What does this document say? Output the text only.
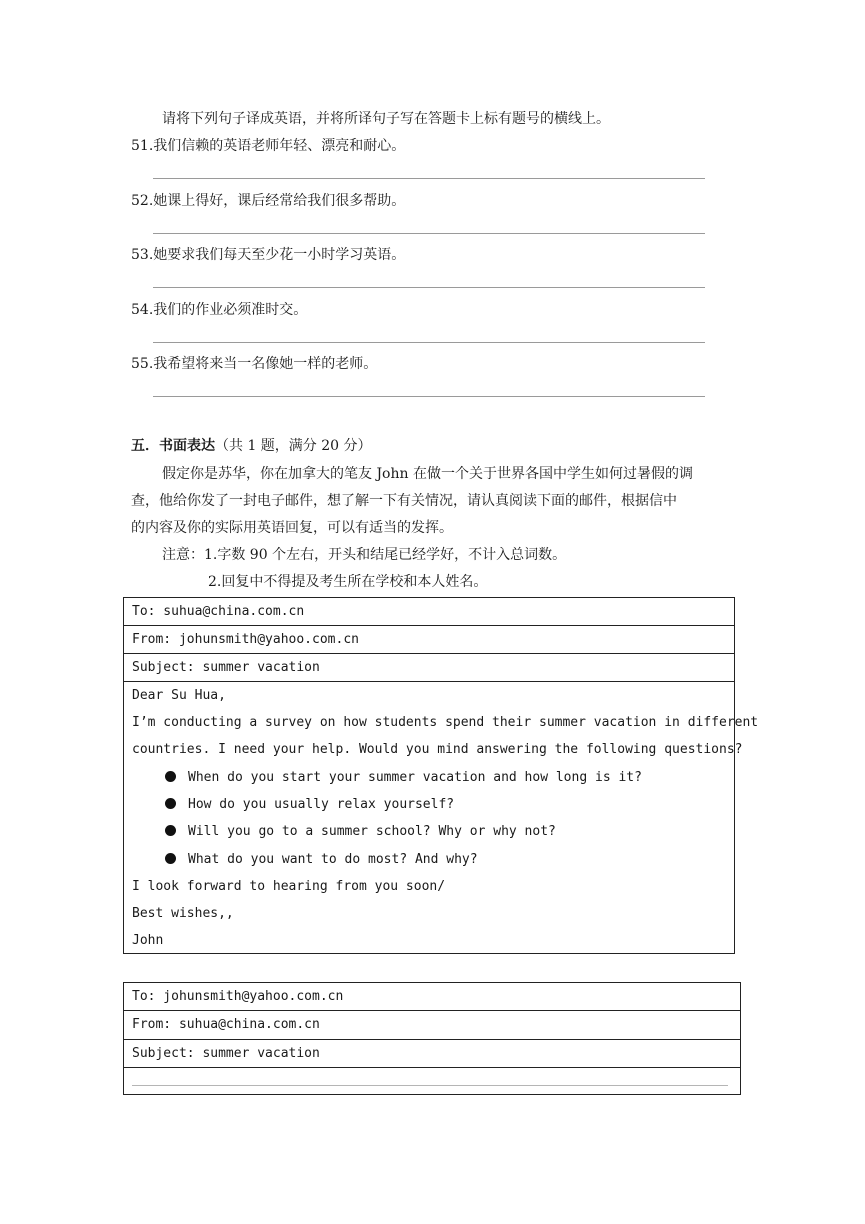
请将下列句子译成英语，并将所译句子写在答题卡上标有题号的横线上。
51.我们信赖的英语老师年轻、漂亮和耐心。
52.她课上得好，课后经常给我们很多帮助。
53.她要求我们每天至少花一小时学习英语。
54.我们的作业必须准时交。
55.我希望将来当一名像她一样的老师。
五．书面表达（共 1 题，满分 20 分）
假定你是苏华，你在加拿大的笔友 John 在做一个关于世界各国中学生如何过暑假的调
查，他给你发了一封电子邮件，想了解一下有关情况，请认真阅读下面的邮件，根据信中
的内容及你的实际用英语回复，可以有适当的发挥。
注意：1.字数 90 个左右，开头和结尾已经学好，不计入总词数。
2.回复中不得提及考生所在学校和本人姓名。
To: suhua@china.com.cn
From: johunsmith@yahoo.com.cn
Subject: summer vacation
Dear Su Hua,
I’m conducting a survey on how students spend their summer vacation in different
countries. I need your help. Would you mind answering the following questions?
When do you start your summer vacation and how long is it?
How do you usually relax yourself?
Will you go to a summer school? Why or why not?
What do you want to do most? And why?
I look forward to hearing from you soon/
Best wishes,,
John
To: johunsmith@yahoo.com.cn
From: suhua@china.com.cn
Subject: summer vacation
